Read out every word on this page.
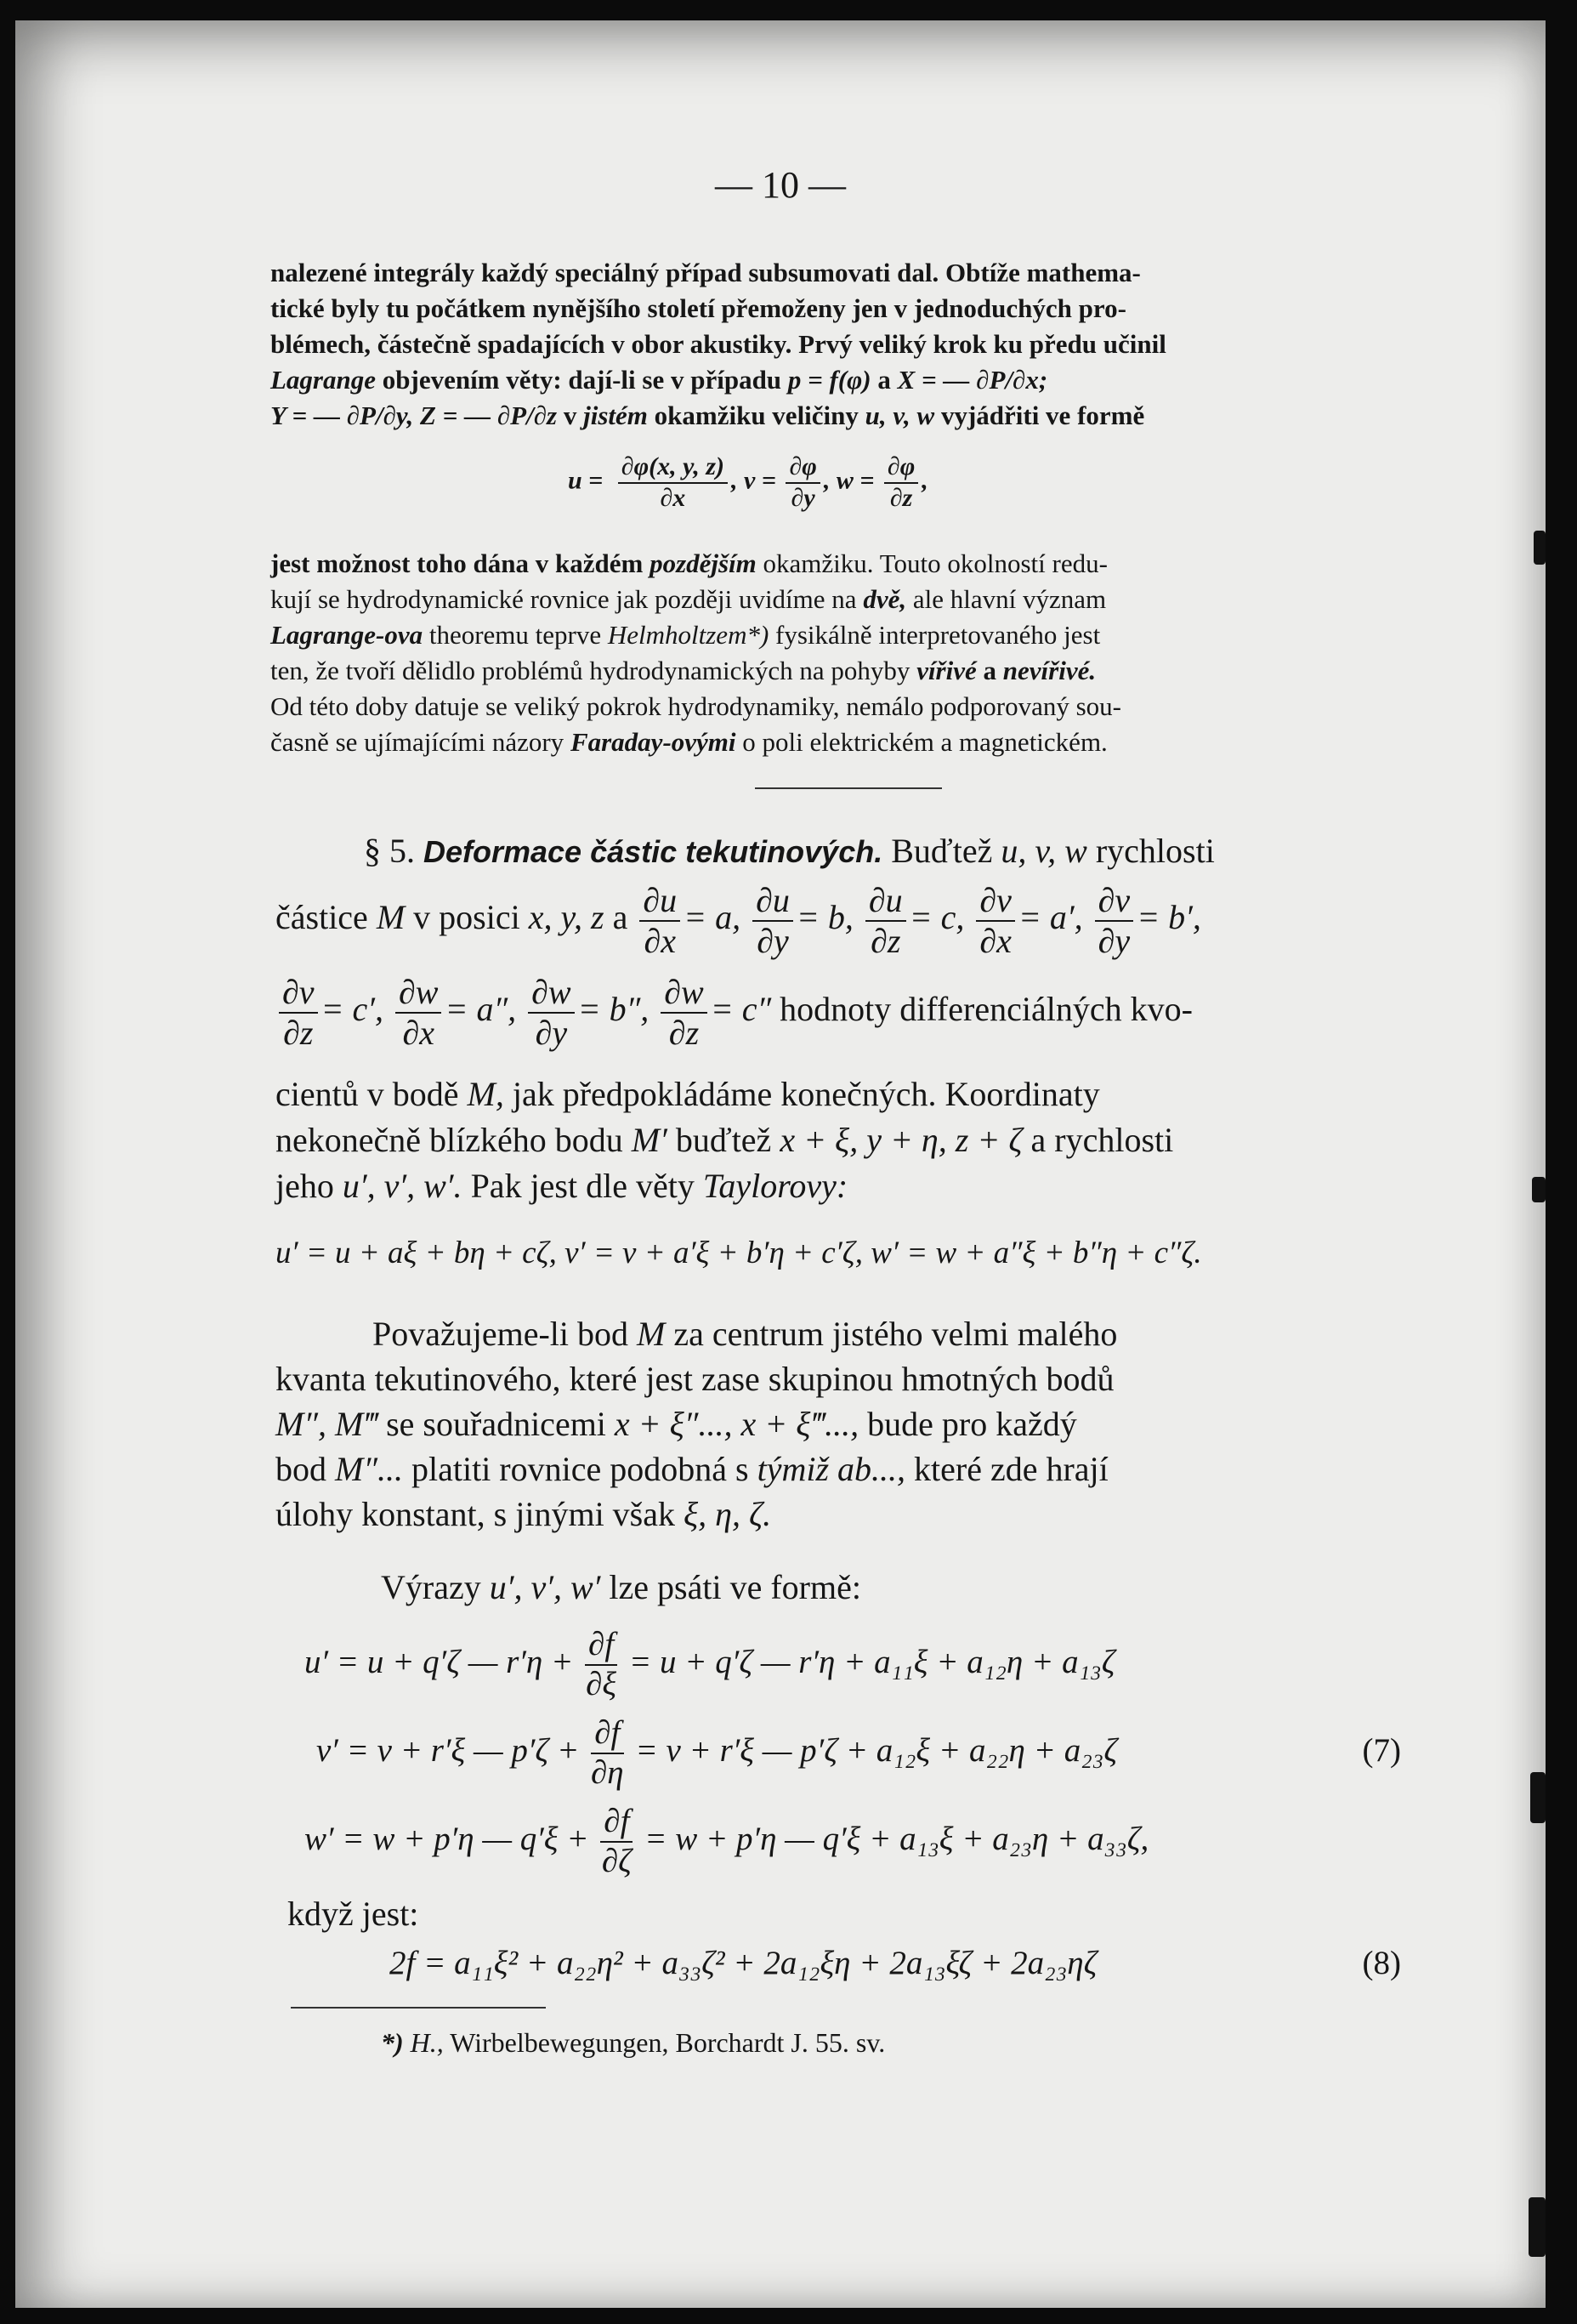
— 10 —
nalezené integrály každý speciálný případ subsumovati dal. Obtíže mathema-
tické byly tu počátkem nynějšího století přemoženy jen v jednoduchých pro-
blémech, částečně spadajících v obor akustiky. Prvý veliký krok ku předu učinil
Lagrange objevením věty: dají-li se v případu p = f(φ) a X = — ∂P/∂x;
Y = — ∂P/∂y, Z = — ∂P/∂z v jistém okamžiku veličiny u, v, w vyjádřiti ve formě
$u = \frac{\partial\varphi(x, y, z)}{\partial x}$ , $v = \frac{\partial\varphi}{\partial y}$ , $w = \frac{\partial\varphi}{\partial z}$ ,
jest možnost toho dána v každém pozdějším okamžiku. Touto okolností redu-
kují se hydrodynamické rovnice jak později uvidíme na dvě, ale hlavní význam
Lagrange-ova theoremu teprve Helmholtzem*) fysikálně interpretovaného jest
ten, že tvoří dělidlo problémů hydrodynamických na pohyby vířivé a nevířivé.
Od této doby datuje se veliký pokrok hydrodynamiky, nemálo podporovaný sou-
časně se ujímajícími názory Faraday-ovými o poli elektrickém a magnetickém.
§ 5. Deformace částic tekutinových. Buďtež u, v, w rychlosti
částice M v posici x, y, z a $\frac{\partial u}{\partial x} = a$, $\frac{\partial u}{\partial y} = b$, $\frac{\partial u}{\partial z} = c$, $\frac{\partial v}{\partial x} = a'$, $\frac{\partial v}{\partial y} = b'$,
$\frac{\partial v}{\partial z} = c'$, $\frac{\partial w}{\partial x} = a''$, $\frac{\partial w}{\partial y} = b''$, $\frac{\partial w}{\partial z} = c''$ hodnoty differenciálných kvo-
cientů v bodě M, jak předpokládáme konečných. Koordinaty
nekonečně blízkého bodu M′ buďtež x + ξ, y + η, z + ζ a rychlosti
jeho u′, v′, w′. Pak jest dle věty Taylorovy:
u′ = u + aξ + bη + cζ, v′ = v + a′ξ + b′η + c′ζ, w′ = w + a″ξ + b″η + c″ζ.
Považujeme-li bod M za centrum jistého velmi malého
kvanta tekutinového, které jest zase skupinou hmotných bodů
M″, M‴ se souřadnicemi x + ξ″..., x + ξ‴..., bude pro každý
bod M″... platiti rovnice podobná s týmiž ab..., které zde hrají
úlohy konstant, s jinými však ξ, η, ζ.
Výrazy u′, v′, w′ lze psáti ve formě:
u′ = u + q′ζ — $r'\eta + \frac{\partial f}{\partial\xi} = u + q'\zeta$ — r′η + a₁₁ξ + a₁₂η + a₁₃ζ
v′ = v + r′ξ — $p'\zeta + \frac{\partial f}{\partial\eta} = v + r'\xi$ — p′ζ + a₁₂ξ + a₂₂η + a₂₃ζ	(7)
w′ = w + p′η — $q'\xi + \frac{\partial f}{\partial\zeta} = w + p'\eta$ — q′ξ + a₁₃ξ + a₂₃η + a₃₃ζ,
když jest:
2f = a₁₁ξ² + a₂₂η² + a₃₃ζ² + 2a₁₂ξη + 2a₁₃ξζ + 2a₂₃ηζ	(8)
*) H., Wirbelbewegungen, Borchardt J. 55. sv.
